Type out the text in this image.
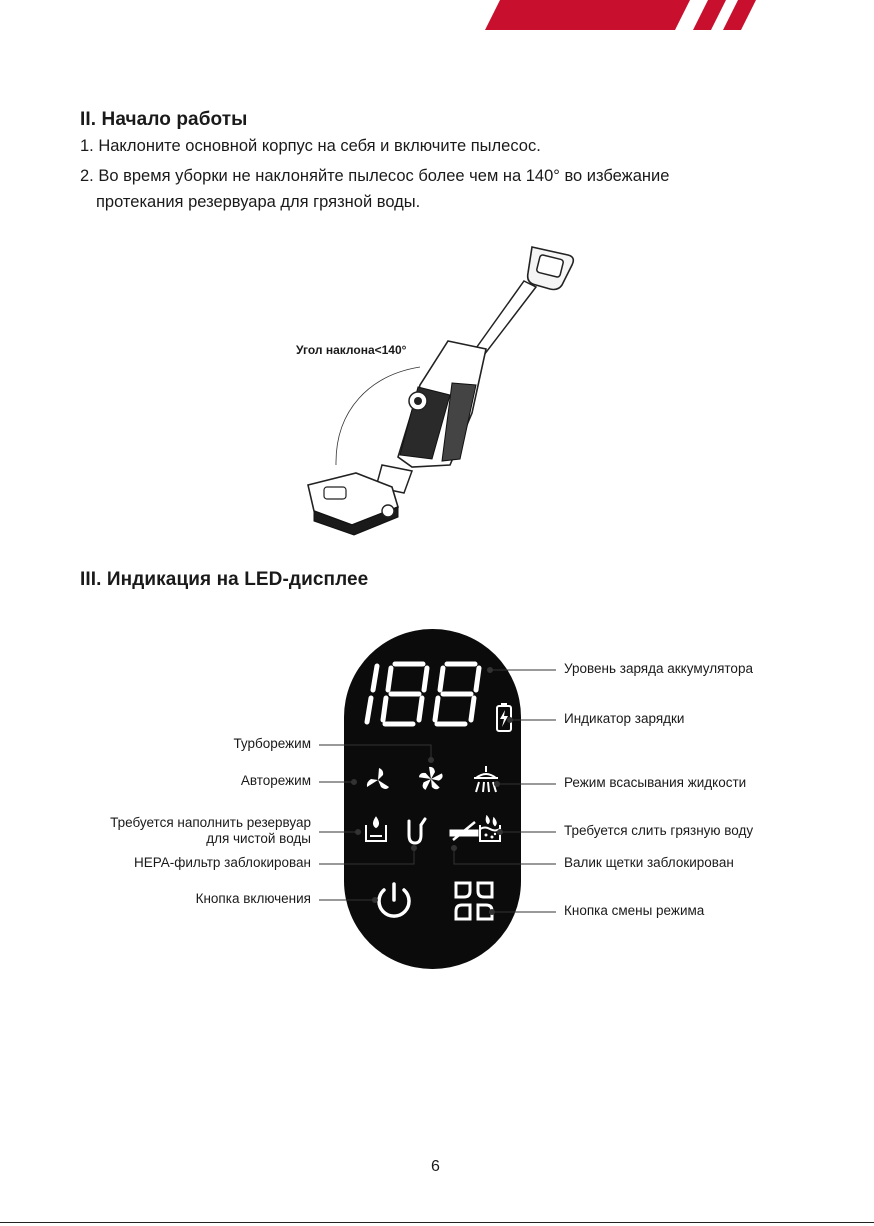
II. Начало работы
1. Наклоните основной корпус на себя и включите пылесос.
2. Во время уборки не наклоняйте пылесос более чем на 140° во избежание
протекания резервуара для грязной воды.
Угол наклона<140°
III. Индикация на LED-дисплее
Турборежим
Авторежим
Требуется наполнить резервуар
для чистой воды
HEPA-фильтр заблокирован
Кнопка включения
Уровень заряда аккумулятора
Индикатор зарядки
Режим всасывания жидкости
Требуется слить грязную воду
Валик щетки заблокирован
Кнопка смены режима
6
